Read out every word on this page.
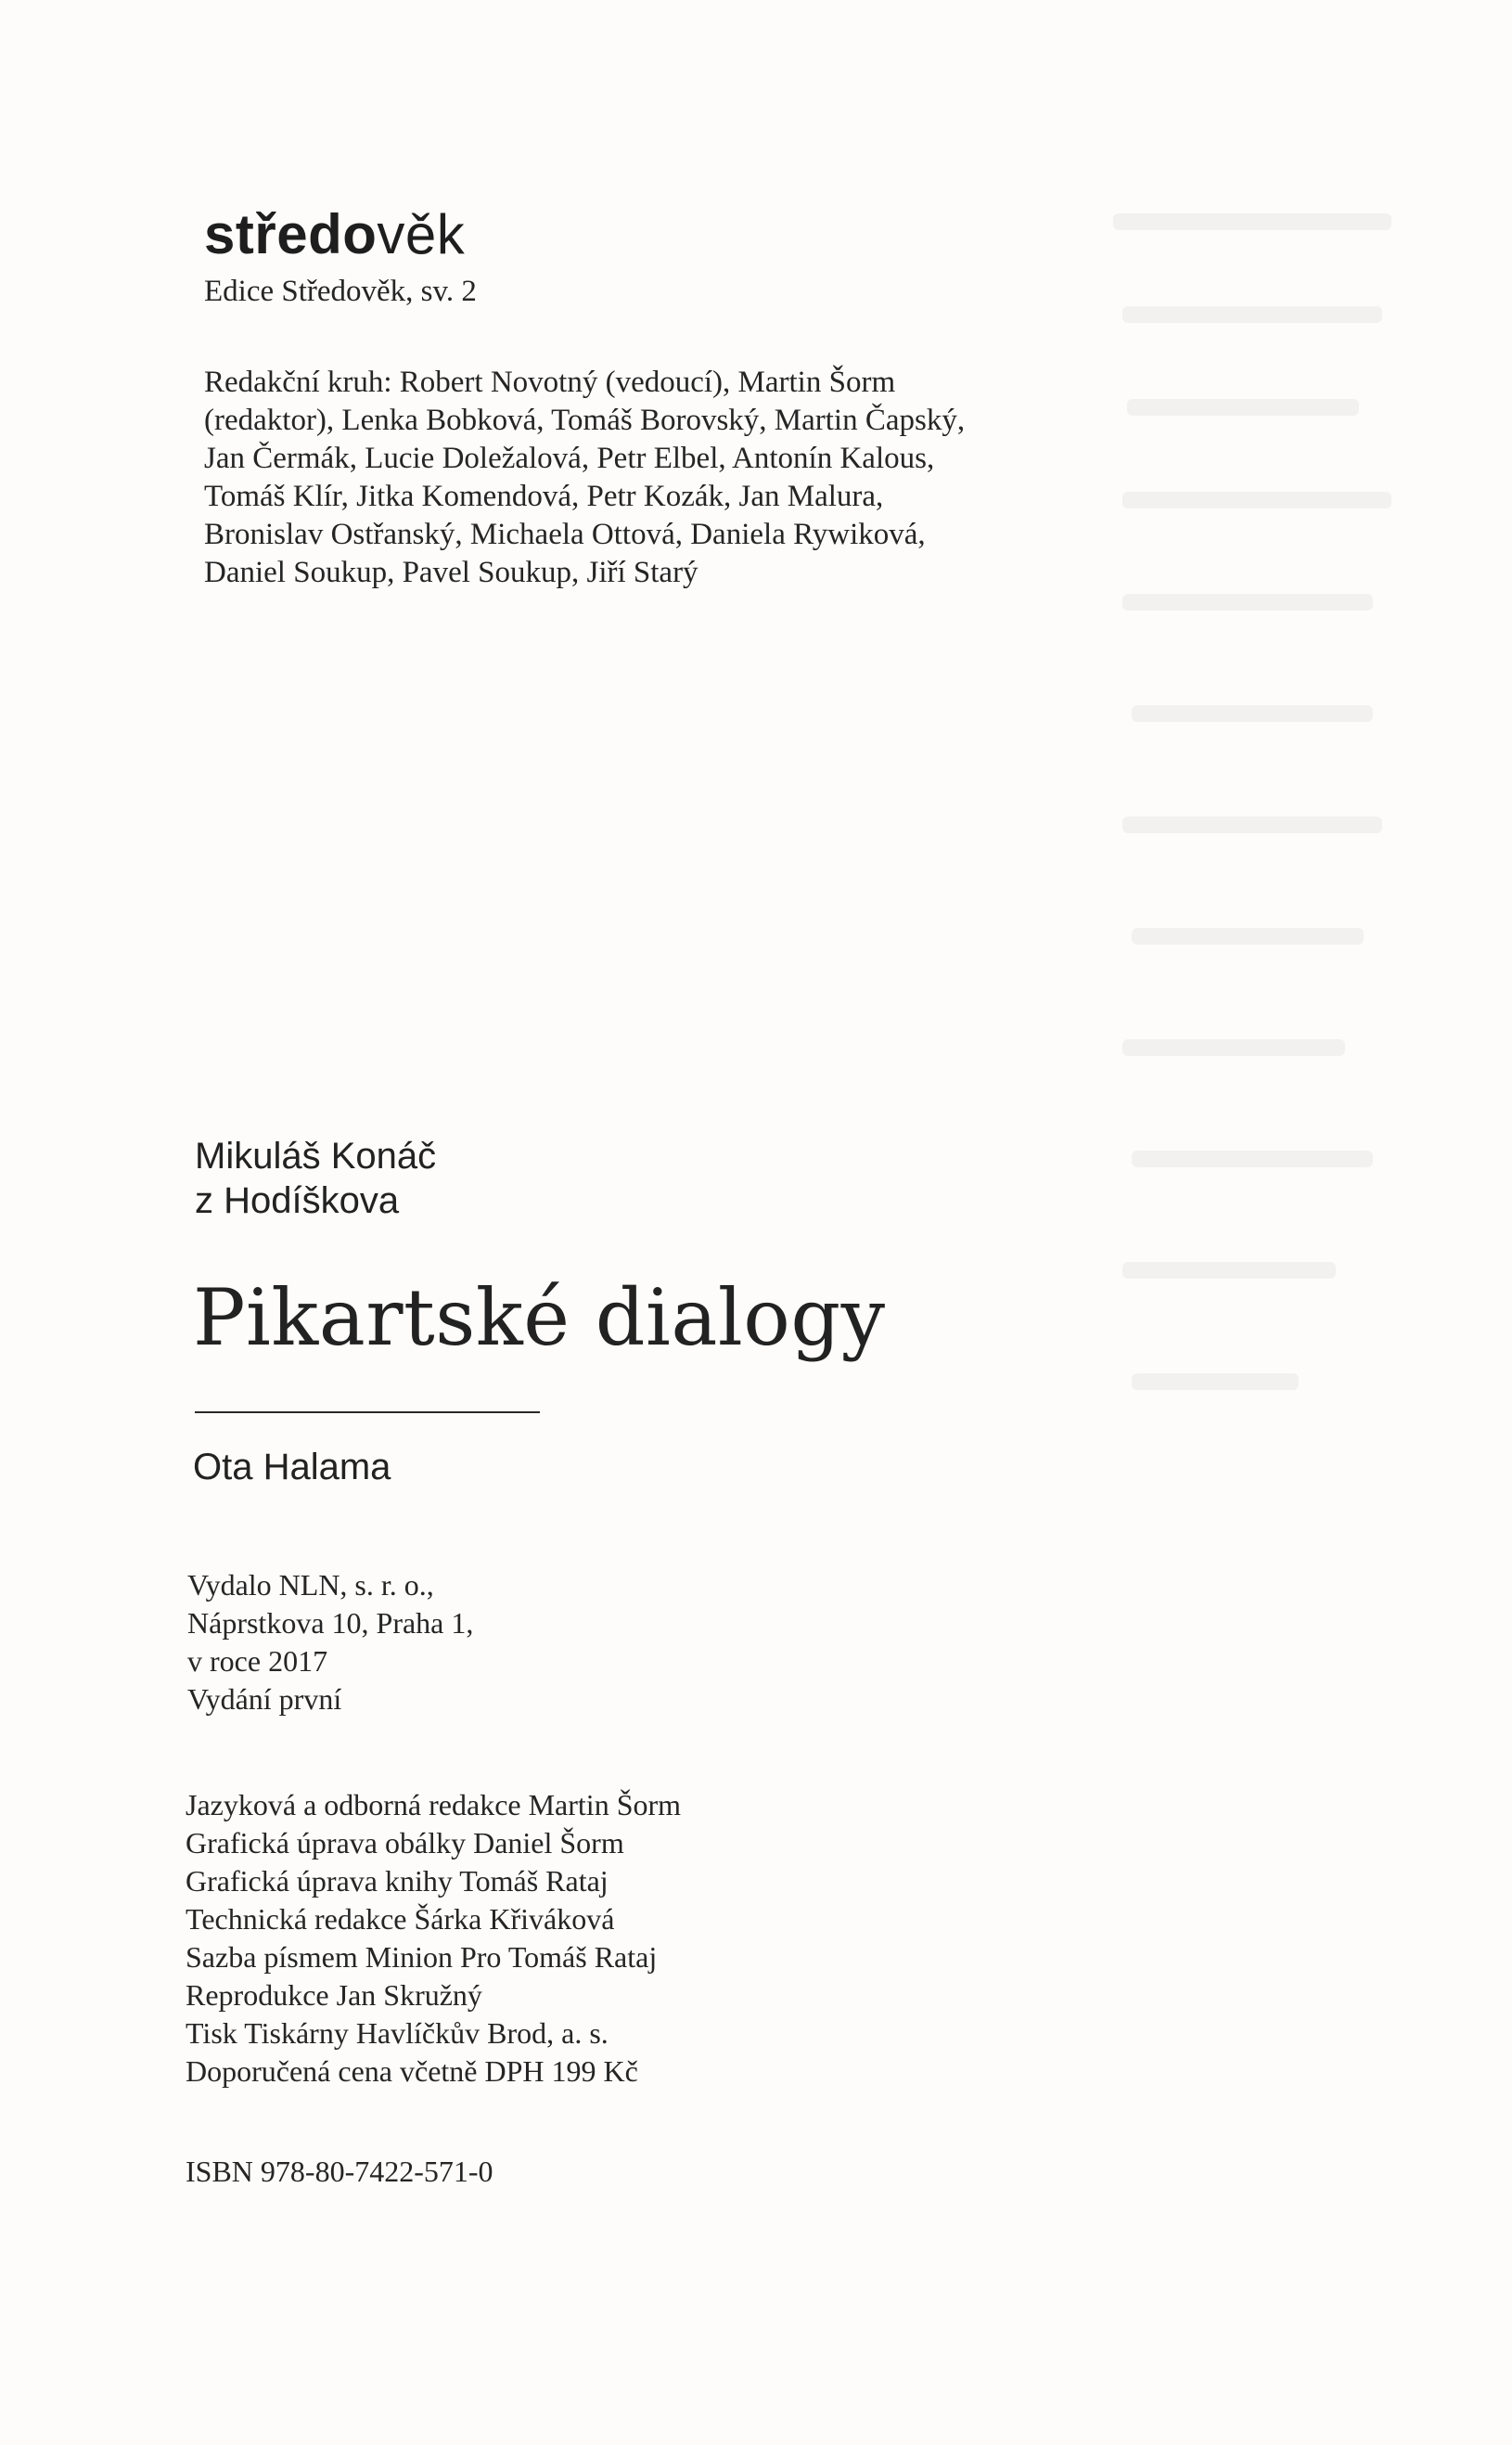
středověk
Edice Středověk, sv. 2

Redakční kruh: Robert Novotný (vedoucí), Martin Šorm

(redaktor), Lenka Bobková, Tomáš Borovský, Martin Čapský,

Jan Čermák, Lucie Doležalová, Petr Elbel, Antonín Kalous,

Tomáš Klír, Jitka Komendová, Petr Kozák, Jan Malura,

Bronislav Ostřanský, Michaela Ottová, Daniela Rywiková,

Daniel Soukup, Pavel Soukup, Jiří Starý

Mikuláš Konáč

z Hodíškova

Pikartské dialogy
Ota Halama

Vydalo NLN, s. r. o.,

Náprstkova 10, Praha 1,

v roce 2017

Vydání první

Jazyková a odborná redakce Martin Šorm

Grafická úprava obálky Daniel Šorm

Grafická úprava knihy Tomáš Rataj

Technická redakce Šárka Křiváková

Sazba písmem Minion Pro Tomáš Rataj

Reprodukce Jan Skružný

Tisk Tiskárny Havlíčkův Brod, a. s.

Doporučená cena včetně DPH 199 Kč

ISBN 978-80-7422-571-0
